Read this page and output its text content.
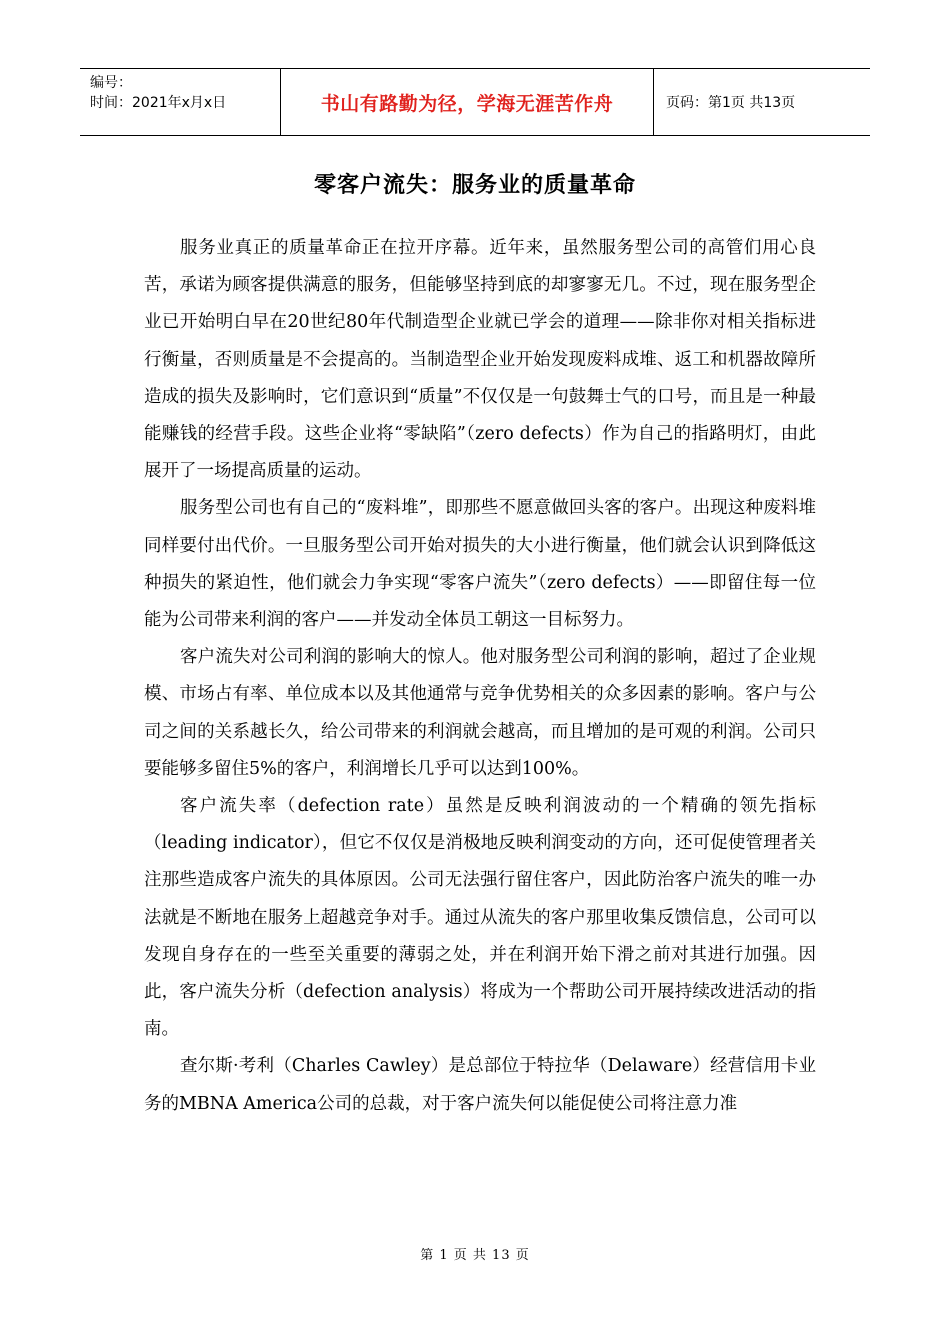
编号：
时间：2021年x月x日	书山有路勤为径，学海无涯苦作舟	页码：第1页 共13页
零客户流失：服务业的质量革命

服务业真正的质量革命正在拉开序幕。近年来，虽然服务型公司的高管们用心良苦，承诺为顾客提供满意的服务，但能够坚持到底的却寥寥无几。不过，现在服务型企业已开始明白早在20世纪80年代制造型企业就已学会的道理——除非你对相关指标进行衡量，否则质量是不会提高的。当制造型企业开始发现废料成堆、返工和机器故障所造成的损失及影响时，它们意识到“质量”不仅仅是一句鼓舞士气的口号，而且是一种最能赚钱的经营手段。这些企业将“零缺陷”（zero defects）作为自己的指路明灯，由此展开了一场提高质量的运动。

服务型公司也有自己的“废料堆”，即那些不愿意做回头客的客户。出现这种废料堆同样要付出代价。一旦服务型公司开始对损失的大小进行衡量，他们就会认识到降低这种损失的紧迫性，他们就会力争实现“零客户流失”（zero defects）——即留住每一位能为公司带来利润的客户——并发动全体员工朝这一目标努力。

客户流失对公司利润的影响大的惊人。他对服务型公司利润的影响，超过了企业规模、市场占有率、单位成本以及其他通常与竞争优势相关的众多因素的影响。客户与公司之间的关系越长久，给公司带来的利润就会越高，而且增加的是可观的利润。公司只要能够多留住5%的客户，利润增长几乎可以达到100%。

客户流失率（defection rate）虽然是反映利润波动的一个精确的领先指标（leading indicator），但它不仅仅是消极地反映利润变动的方向，还可促使管理者关注那些造成客户流失的具体原因。公司无法强行留住客户，因此防治客户流失的唯一办法就是不断地在服务上超越竞争对手。通过从流失的客户那里收集反馈信息，公司可以发现自身存在的一些至关重要的薄弱之处，并在利润开始下滑之前对其进行加强。因此，客户流失分析（defection analysis）将成为一个帮助公司开展持续改进活动的指南。

查尔斯·考利（Charles Cawley）是总部位于特拉华（Delaware）经营信用卡业务的MBNA America公司的总裁，对于客户流失何以能促使公司将注意力准

第 1 页 共 13 页
